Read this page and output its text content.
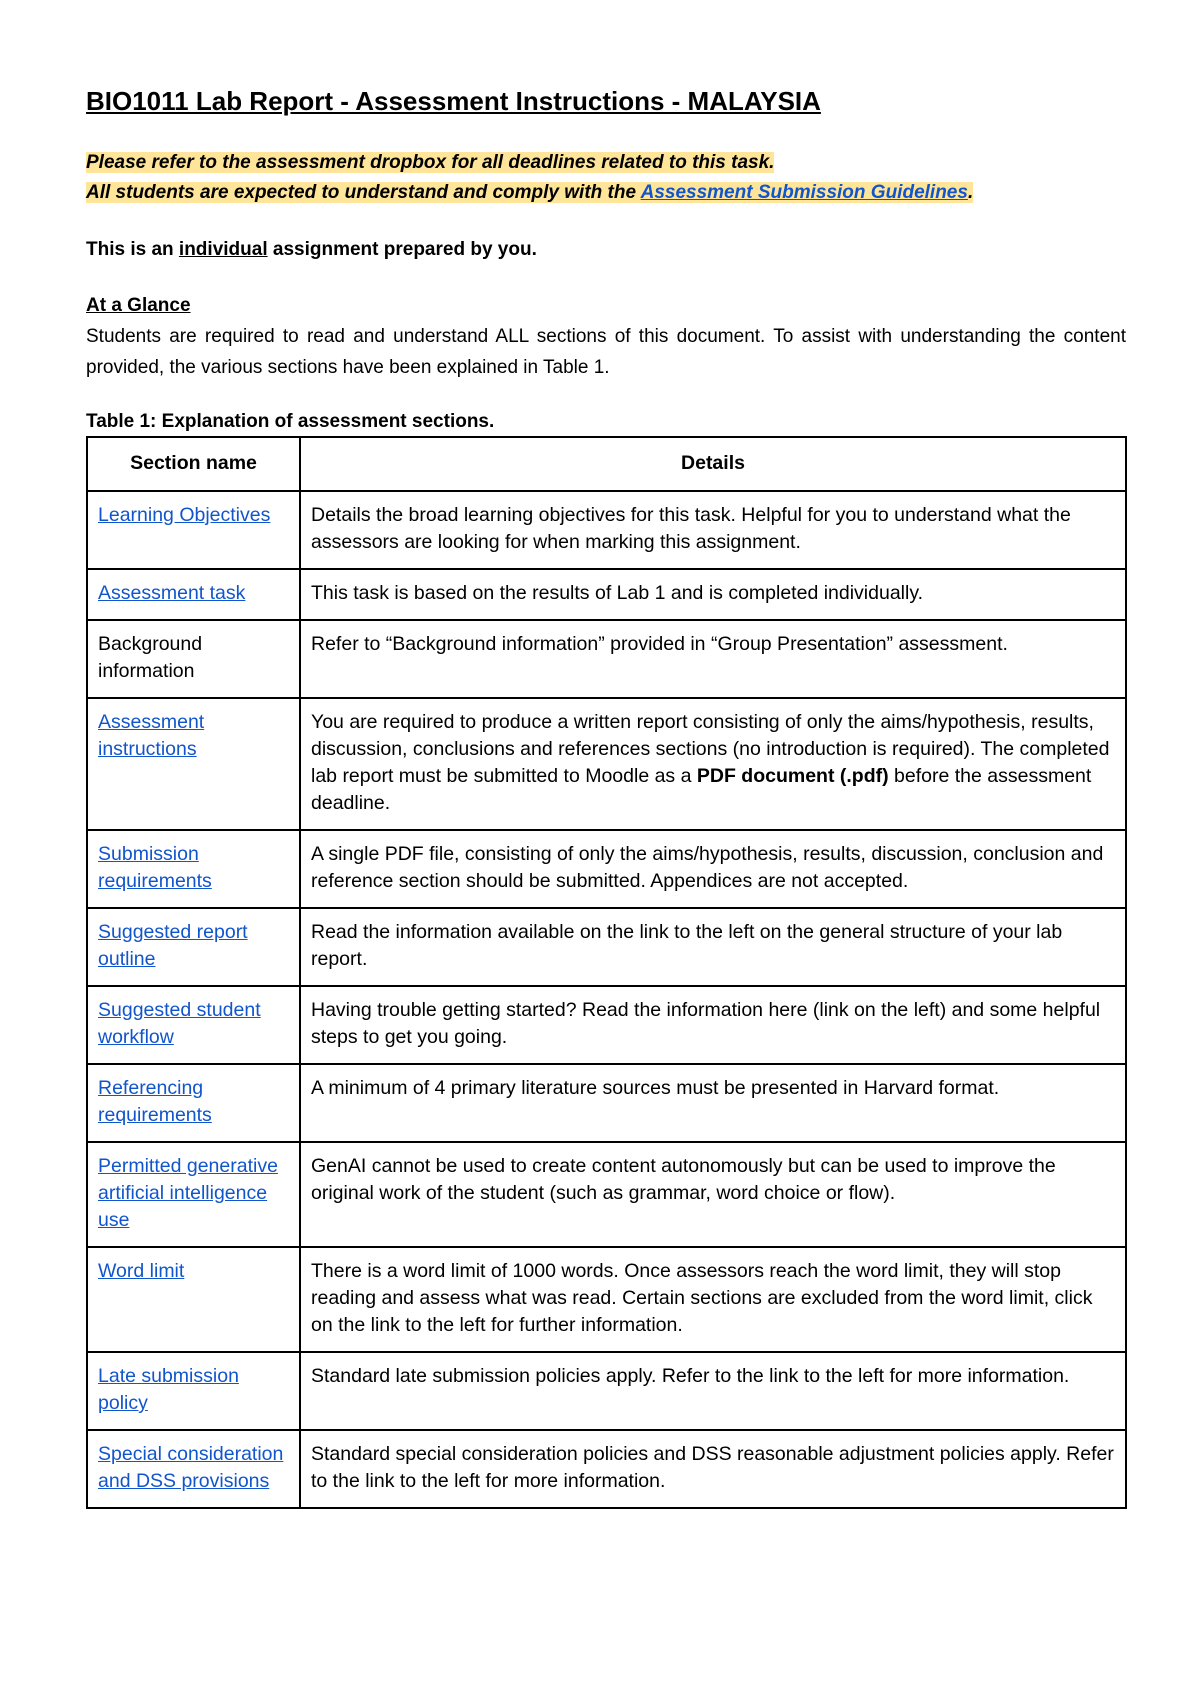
BIO1011 Lab Report - Assessment Instructions - MALAYSIA
Please refer to the assessment dropbox for all deadlines related to this task.
All students are expected to understand and comply with the Assessment Submission Guidelines.

This is an individual assignment prepared by you.

At a Glance

Students are required to read and understand ALL sections of this document. To assist with understanding the content provided, the various sections have been explained in Table 1.

Table 1: Explanation of assessment sections.
Section name	Details
Learning Objectives	Details the broad learning objectives for this task. Helpful for you to understand what the assessors are looking for when marking this assignment.
Assessment task	This task is based on the results of Lab 1 and is completed individually.
Background information	Refer to “Background information” provided in “Group Presentation” assessment.
Assessment instructions	You are required to produce a written report consisting of only the aims/hypothesis, results, discussion, conclusions and references sections (no introduction is required). The completed lab report must be submitted to Moodle as a PDF document (.pdf) before the assessment deadline.
Submission requirements	A single PDF file, consisting of only the aims/hypothesis, results, discussion, conclusion and reference section should be submitted. Appendices are not accepted.
Suggested report outline	Read the information available on the link to the left on the general structure of your lab report.
Suggested student workflow	Having trouble getting started? Read the information here (link on the left) and some helpful steps to get you going.
Referencing requirements	A minimum of 4 primary literature sources must be presented in Harvard format.
Permitted generative artificial intelligence use	GenAI cannot be used to create content autonomously but can be used to improve the original work of the student (such as grammar, word choice or flow).
Word limit	There is a word limit of 1000 words. Once assessors reach the word limit, they will stop reading and assess what was read. Certain sections are excluded from the word limit, click on the link to the left for further information.
Late submission policy	Standard late submission policies apply. Refer to the link to the left for more information.
Special consideration and DSS provisions	Standard special consideration policies and DSS reasonable adjustment policies apply. Refer to the link to the left for more information.
